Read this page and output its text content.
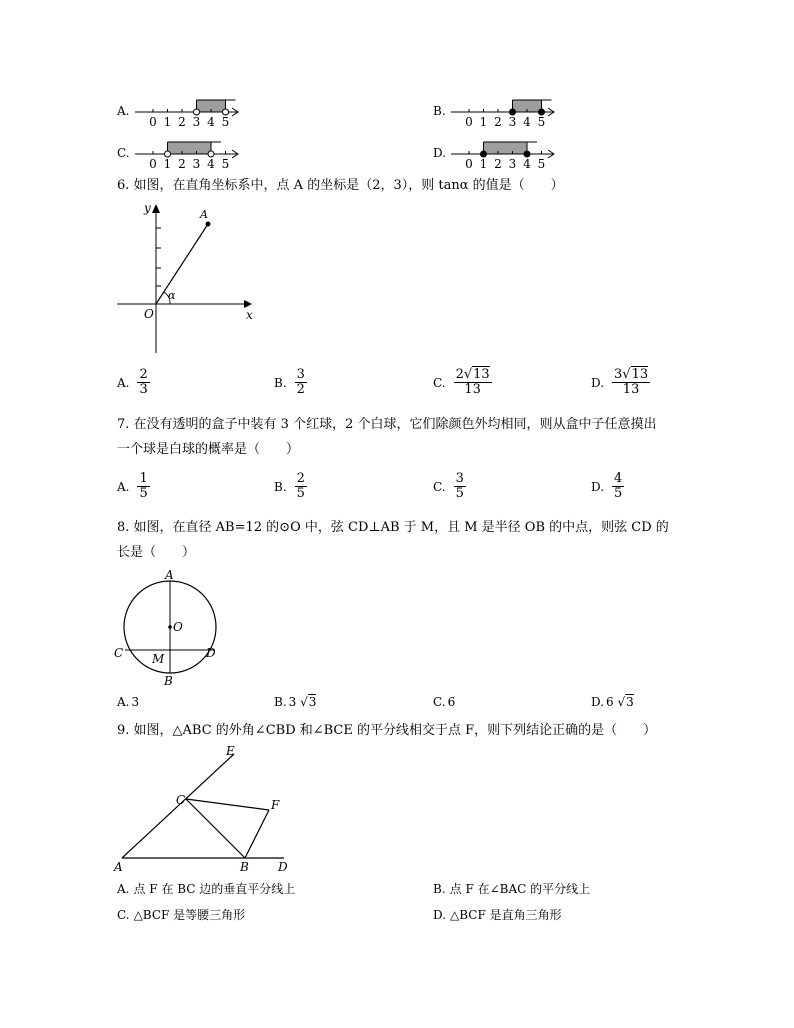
A.
0 1 2 3 4 5
B.
0 1 2 3 4 5
C.
0 1 2 3 4 5
D.
0 1 2 3 4 5
6. 如图，在直角坐标系中，点 A 的坐标是（2，3），则 tanα 的值是（　　）
y	A
O	x
α
A. $\frac{2}{3}$	B. $\frac{3}{2}$	C. $\frac{2√13}{13}$	D. $\frac{3√13}{13}$
7. 在没有透明的盒子中装有 3 个红球，2 个白球，它们除颜色外均相同，则从盒中子任意摸出
一个球是白球的概率是（　　）
A. $\frac{1}{5}$	B. $\frac{2}{5}$	C. $\frac{3}{5}$	D. $\frac{4}{5}$
8. 如图，在直径 AB=12 的⊙O 中，弦 CD⊥AB 于 M，且 M 是半径 OB 的中点，则弦 CD 的
长是（　　）
A
O
C	D
M
B
A. 3	B. 3 √3	C. 6	D. 6 √3
9. 如图，△ABC 的外角∠CBD 和∠BCE 的平分线相交于点 F，则下列结论正确的是（　　）
E
C	F
A	B D
A. 点 F 在 BC 边的垂直平分线上	B. 点 F 在∠BAC 的平分线上
C. △BCF 是等腰三角形	D. △BCF 是直角三角形
